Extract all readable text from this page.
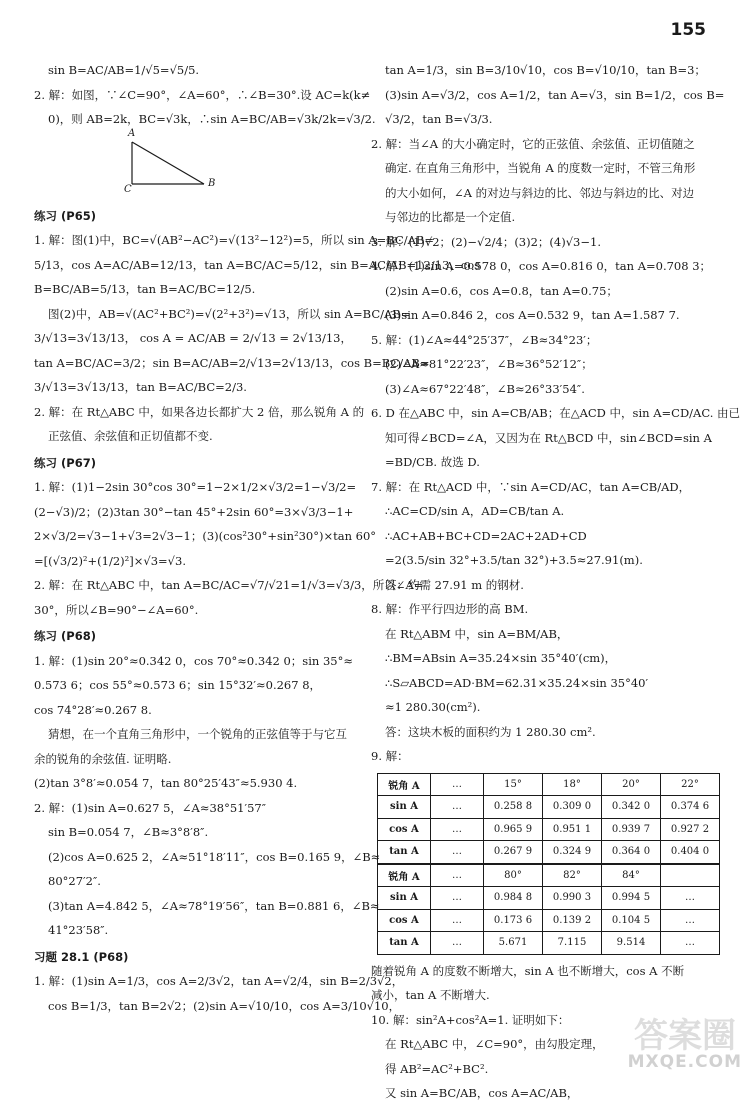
155
sin B=AC/AB=1/√5=√5/5.
2. 解：如图，∵∠C=90°，∠A=60°，∴∠B=30°.设 AC=k(k≠
0)，则 AB=2k，BC=√3k，∴sin A=BC/AB=√3k/2k=√3/2.
A
B
C
练习 (P65)
1. 解：图(1)中，BC=√(AB²−AC²)=√(13²−12²)=5，所以 sin A=BC/AB=
5/13，cos A=AC/AB=12/13，tan A=BC/AC=5/12，sin B=AC/AB=12/13，cos
B=BC/AB=5/13，tan B=AC/BC=12/5.
图(2)中，AB=√(AC²+BC²)=√(2²+3²)=√13，所以 sin A=BC/AB=
3/√13=3√13/13， cos A = AC/AB = 2/√13 = 2√13/13，
tan A=BC/AC=3/2；sin B=AC/AB=2/√13=2√13/13，cos B=BC/AB=
3/√13=3√13/13，tan B=AC/BC=2/3.
2. 解：在 Rt△ABC 中，如果各边长都扩大 2 倍，那么锐角 A 的
正弦值、余弦值和正切值都不变.
练习 (P67)
1. 解：(1)1−2sin 30°cos 30°=1−2×1/2×√3/2=1−√3/2=
(2−√3)/2；(2)3tan 30°−tan 45°+2sin 60°=3×√3/3−1+
2×√3/2=√3−1+√3=2√3−1；(3)(cos²30°+sin²30°)×tan 60°
=[(√3/2)²+(1/2)²]×√3=√3.
2. 解：在 Rt△ABC 中，tan A=BC/AC=√7/√21=1/√3=√3/3，所以∠A=
30°，所以∠B=90°−∠A=60°.
练习 (P68)
1. 解：(1)sin 20°≈0.342 0，cos 70°≈0.342 0；sin 35°≈
0.573 6；cos 55°≈0.573 6；sin 15°32′≈0.267 8，
cos 74°28′≈0.267 8.
猜想，在一个直角三角形中，一个锐角的正弦值等于与它互
余的锐角的余弦值. 证明略.
(2)tan 3°8′≈0.054 7，tan 80°25′43″≈5.930 4.
2. 解：(1)sin A=0.627 5，∠A≈38°51′57″
sin B=0.054 7，∠B≈3°8′8″.
(2)cos A=0.625 2，∠A≈51°18′11″，cos B=0.165 9，∠B≈
80°27′2″.
(3)tan A=4.842 5，∠A≈78°19′56″，tan B=0.881 6，∠B≈
41°23′58″.
习题 28.1 (P68)
1. 解：(1)sin A=1/3，cos A=2/3√2，tan A=√2/4，sin B=2/3√2，
cos B=1/3，tan B=2√2；(2)sin A=√10/10，cos A=3/10√10，
tan A=1/3，sin B=3/10√10，cos B=√10/10，tan B=3；
(3)sin A=√3/2，cos A=1/2，tan A=√3，sin B=1/2，cos B=
√3/2，tan B=√3/3.
2. 解：当∠A 的大小确定时，它的正弦值、余弦值、正切值随之
确定. 在直角三角形中，当锐角 A 的度数一定时，不管三角形
的大小如何，∠A 的对边与斜边的比、邻边与斜边的比、对边
与邻边的比都是一个定值.
3. 解：(1)√2；(2)−√2/4；(3)2；(4)√3−1.
4. 解：(1)sin A=0.578 0，cos A=0.816 0，tan A=0.708 3；
(2)sin A=0.6，cos A=0.8，tan A=0.75；
(3)sin A=0.846 2，cos A=0.532 9，tan A=1.587 7.
5. 解：(1)∠A≈44°25′37″，∠B≈34°23′；
(2)∠A≈81°22′23″，∠B≈36°52′12″；
(3)∠A≈67°22′48″，∠B≈26°33′54″.
6. D 在△ABC 中，sin A=CB/AB；在△ACD 中，sin A=CD/AC. 由已
知可得∠BCD=∠A，又因为在 Rt△BCD 中，sin∠BCD=sin A
=BD/CB. 故选 D.
7. 解：在 Rt△ACD 中，∵sin A=CD/AC，tan A=CB/AD，
∴AC=CD/sin A，AD=CB/tan A.
∴AC+AB+BC+CD=2AC+2AD+CD
=2(3.5/sin 32°+3.5/tan 32°)+3.5≈27.91(m).
答：约需 27.91 m 的钢材.
8. 解：作平行四边形的高 BM.
在 Rt△ABM 中，sin A=BM/AB，
∴BM=ABsin A=35.24×sin 35°40′(cm)，
∴S▱ABCD=AD·BM=62.31×35.24×sin 35°40′
≈1 280.30(cm²).
答：这块木板的面积约为 1 280.30 cm².
9. 解：
锐角 A	…	15°	18°	20°	22°
sin A	…	0.258 8	0.309 0	0.342 0	0.374 6
cos A	…	0.965 9	0.951 1	0.939 7	0.927 2
tan A	…	0.267 9	0.324 9	0.364 0	0.404 0
锐角 A	…	80°	82°	84°	
sin A	…	0.984 8	0.990 3	0.994 5	…
cos A	…	0.173 6	0.139 2	0.104 5	…
tan A	…	5.671	7.115	9.514	…
随着锐角 A 的度数不断增大，sin A 也不断增大，cos A 不断
减小，tan A 不断增大.
10. 解：sin²A+cos²A=1. 证明如下：
在 Rt△ABC 中，∠C=90°，由勾股定理，
得 AB²=AC²+BC².
又 sin A=BC/AB，cos A=AC/AB，
答案圈
MXQE.COM
